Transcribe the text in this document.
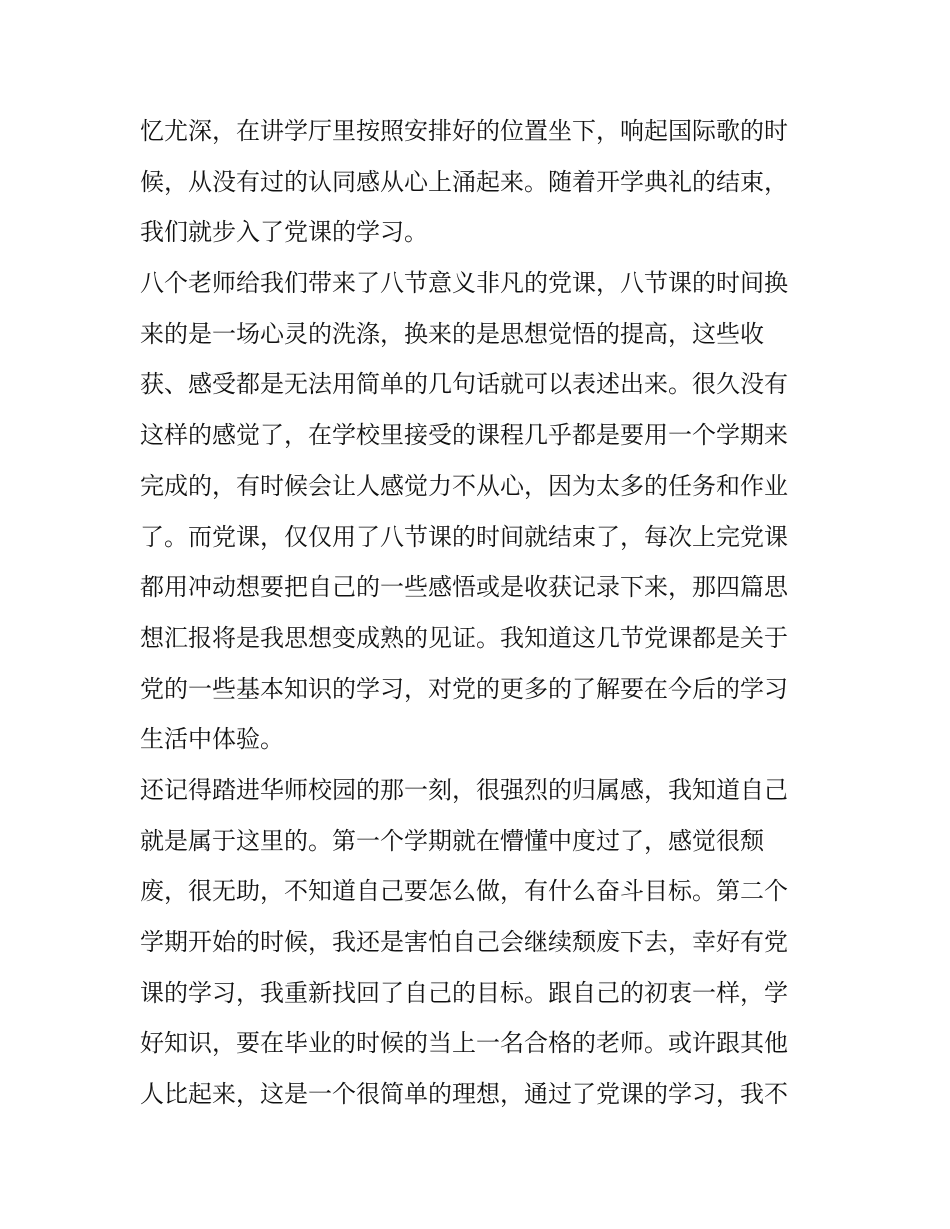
忆尤深，在讲学厅里按照安排好的位置坐下，响起国际歌的时
候，从没有过的认同感从心上涌起来。随着开学典礼的结束，
我们就步入了党课的学习。
八个老师给我们带来了八节意义非凡的党课，八节课的时间换
来的是一场心灵的洗涤，换来的是思想觉悟的提高，这些收
获、感受都是无法用简单的几句话就可以表述出来。很久没有
这样的感觉了，在学校里接受的课程几乎都是要用一个学期来
完成的，有时候会让人感觉力不从心，因为太多的任务和作业
了。而党课，仅仅用了八节课的时间就结束了，每次上完党课
都用冲动想要把自己的一些感悟或是收获记录下来，那四篇思
想汇报将是我思想变成熟的见证。我知道这几节党课都是关于
党的一些基本知识的学习，对党的更多的了解要在今后的学习
生活中体验。
还记得踏进华师校园的那一刻，很强烈的归属感，我知道自己
就是属于这里的。第一个学期就在懵懂中度过了，感觉很颓
废，很无助，不知道自己要怎么做，有什么奋斗目标。第二个
学期开始的时候，我还是害怕自己会继续颓废下去，幸好有党
课的学习，我重新找回了自己的目标。跟自己的初衷一样，学
好知识，要在毕业的时候的当上一名合格的老师。或许跟其他
人比起来，这是一个很简单的理想，通过了党课的学习，我不
